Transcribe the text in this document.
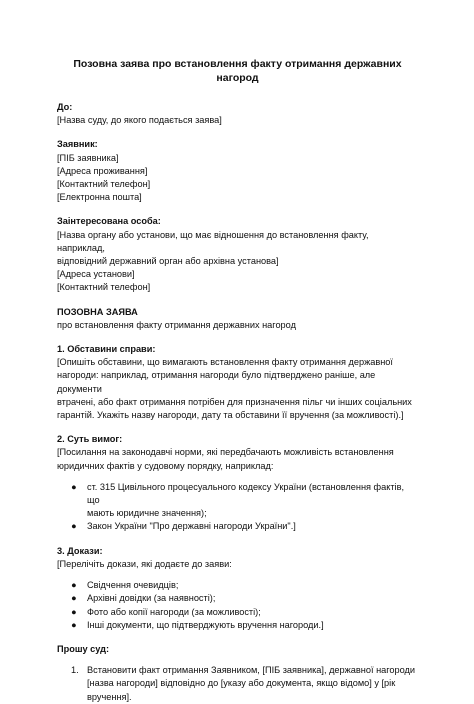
Позовна заява про встановлення факту отримання державних нагород

До:

[Назва суду, до якого подається заява]

Заявник:

[ПІБ заявника]

[Адреса проживання]

[Контактний телефон]

[Електронна пошта]

Заінтересована особа:

[Назва органу або установи, що має відношення до встановлення факту, наприклад,

відповідний державний орган або архівна установа]

[Адреса установи]

[Контактний телефон]

ПОЗОВНА ЗАЯВА

про встановлення факту отримання державних нагород

1. Обставини справи:

[Опишіть обставини, що вимагають встановлення факту отримання державної

нагороди: наприклад, отримання нагороди було підтверджено раніше, але документи

втрачені, або факт отримання потрібен для призначення пільг чи інших соціальних

гарантій. Укажіть назву нагороди, дату та обставини її вручення (за можливості).]

2. Суть вимог:

[Посилання на законодавчі норми, які передбачають можливість встановлення

юридичних фактів у судовому порядку, наприклад:

● ст. 315 Цивільного процесуального кодексу України (встановлення фактів, що
мають юридичне значення);
● Закон України "Про державні нагороди України".]

3. Докази:

[Перелічіть докази, які додаєте до заяви:

● Свідчення очевидців;
● Архівні довідки (за наявності);
● Фото або копії нагороди (за можливості);
● Інші документи, що підтверджують вручення нагороди.]

Прошу суд:

1. Встановити факт отримання Заявником, [ПІБ заявника], державної нагороди
[назва нагороди] відповідно до [указу або документа, якщо відомо] у [рік
вручення].
